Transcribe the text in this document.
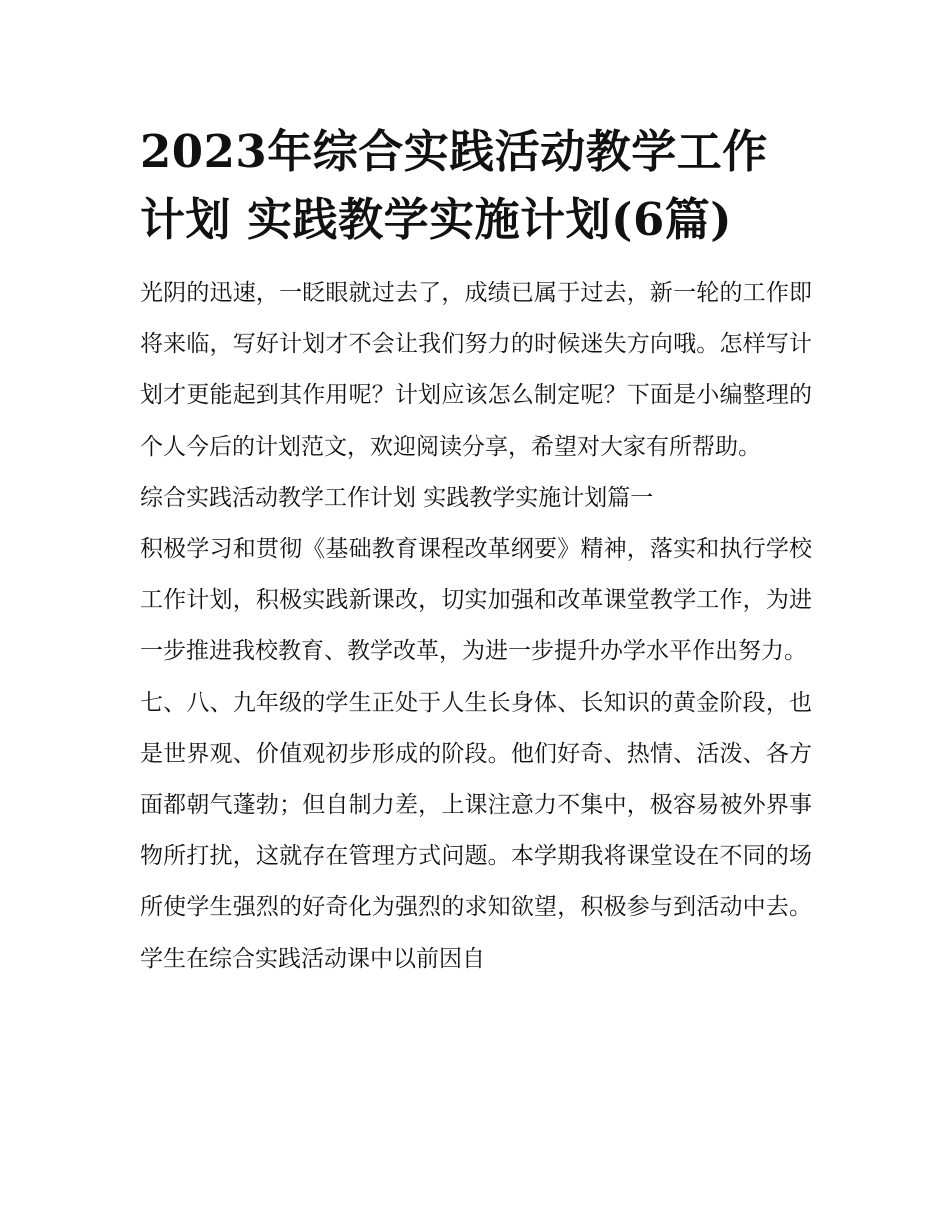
2023年综合实践活动教学工作计划 实践教学实施计划(6篇)

光阴的迅速，一眨眼就过去了，成绩已属于过去，新一轮的工作即将来临，写好计划才不会让我们努力的时候迷失方向哦。怎样写计划才更能起到其作用呢？计划应该怎么制定呢？下面是小编整理的个人今后的计划范文，欢迎阅读分享，希望对大家有所帮助。

综合实践活动教学工作计划 实践教学实施计划篇一

积极学习和贯彻《基础教育课程改革纲要》精神，落实和执行学校工作计划，积极实践新课改，切实加强和改革课堂教学工作，为进一步推进我校教育、教学改革，为进一步提升办学水平作出努力。

七、八、九年级的学生正处于人生长身体、长知识的黄金阶段，也是世界观、价值观初步形成的阶段。他们好奇、热情、活泼、各方面都朝气蓬勃；但自制力差，上课注意力不集中，极容易被外界事物所打扰，这就存在管理方式问题。本学期我将课堂设在不同的场所使学生强烈的好奇化为强烈的求知欲望，积极参与到活动中去。学生在综合实践活动课中以前因自
